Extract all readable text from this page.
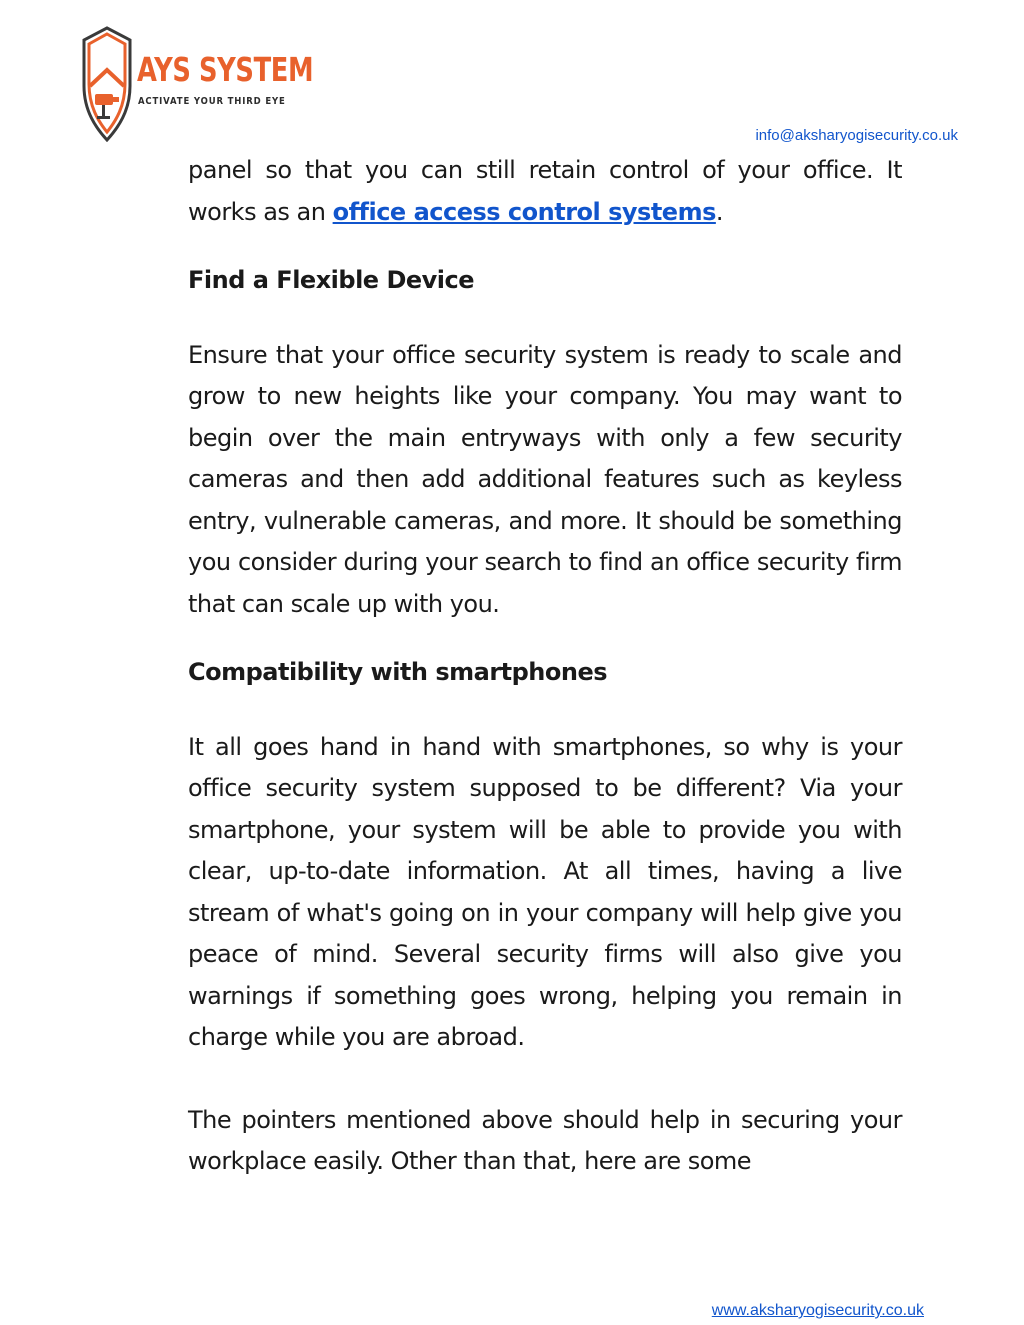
AYS SYSTEM
ACTIVATE YOUR THIRD EYE
info@aksharyogisecurity.co.uk

panel so that you can still retain control of your office. It works as an office access control systems.

Find a Flexible Device

Ensure that your office security system is ready to scale and grow to new heights like your company. You may want to begin over the main entryways with only a few security cameras and then add additional features such as keyless entry, vulnerable cameras, and more. It should be something you consider during your search to find an office security firm that can scale up with you.

Compatibility with smartphones

It all goes hand in hand with smartphones, so why is your office security system supposed to be different? Via your smartphone, your system will be able to provide you with clear, up-to-date information. At all times, having a live stream of what's going on in your company will help give you peace of mind. Several security firms will also give you warnings if something goes wrong, helping you remain in charge while you are abroad.

The pointers mentioned above should help in securing your workplace easily. Other than that, here are some

www.aksharyogisecurity.co.uk
